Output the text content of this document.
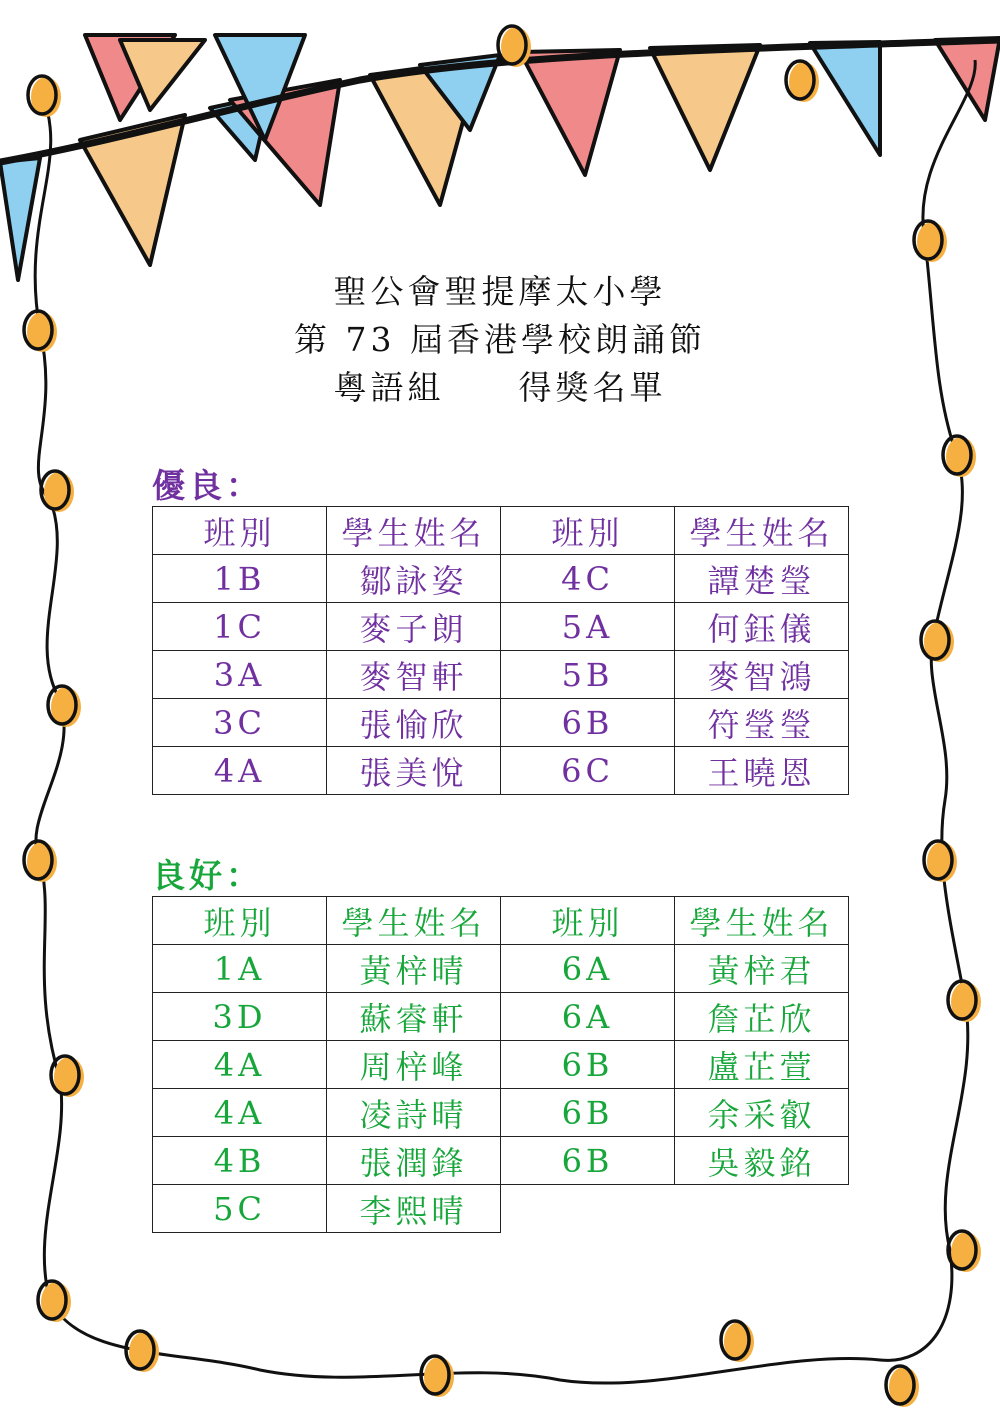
聖公會聖提摩太小學
第 73 屆香港學校朗誦節
粵語組　　得獎名單
優良：
班別	學生姓名	班別	學生姓名
1B	鄒詠姿	4C	譚楚瑩
1C	麥子朗	5A	何鈺儀
3A	麥智軒	5B	麥智鴻
3C	張愉欣	6B	符瑩瑩
4A	張美悅	6C	王曉恩
良好：
班別	學生姓名	班別	學生姓名
1A	黃梓晴	6A	黃梓君
3D	蘇睿軒	6A	詹芷欣
4A	周梓峰	6B	盧芷萱
4A	凌詩晴	6B	余采叡
4B	張潤鋒	6B	吳毅銘
5C	李熙晴		
